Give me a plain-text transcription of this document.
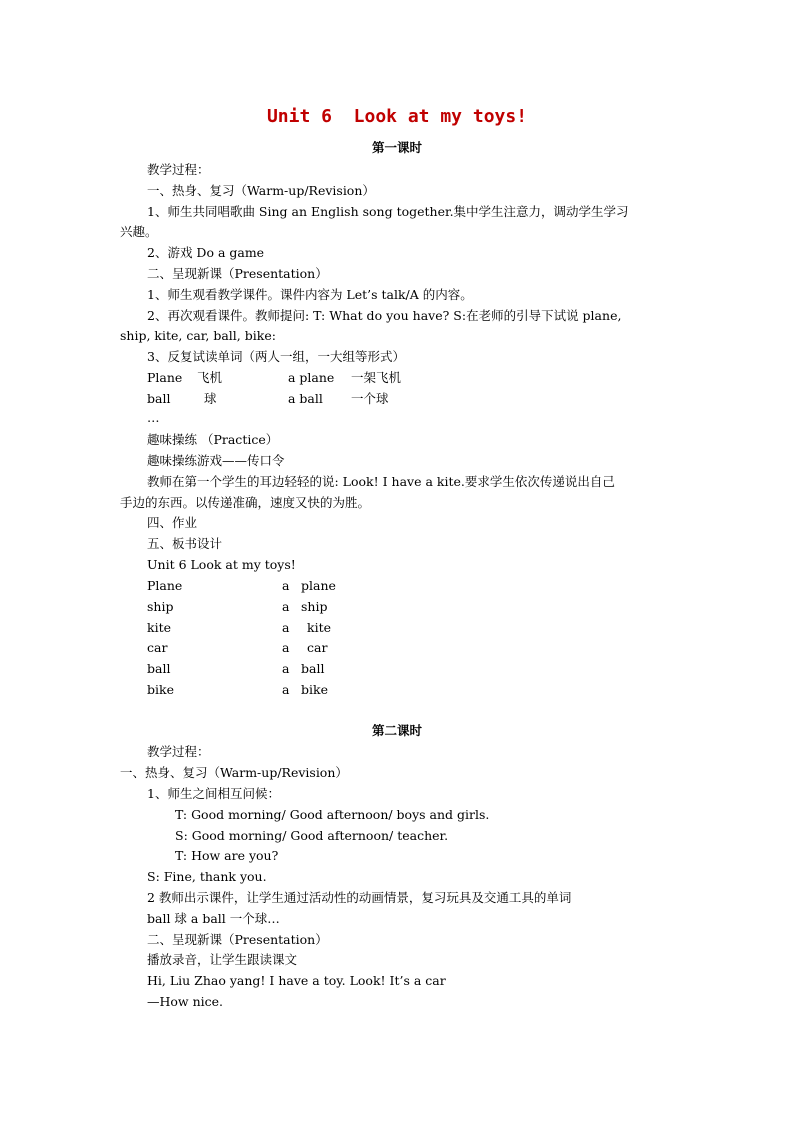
Unit 6  Look at my toys!
第一课时
教学过程：
一、热身、复习（Warm-up/Revision）
1、师生共同唱歌曲 Sing an English song together.集中学生注意力，调动学生学习
兴趣。
2、游戏 Do a game
二、呈现新课（Presentation）
1、师生观看教学课件。课件内容为 Let’s talk/A 的内容。
2、再次观看课件。教师提问: T: What do you have? S:在老师的引导下试说 plane,
ship, kite, car, ball, bike:
3、反复试读单词（两人一组，一大组等形式）
Plane 飞机	a plane 一架飞机
ball	球	a ball 一个球
…
趣味操练 （Practice）
趣味操练游戏——传口令
教师在第一个学生的耳边轻轻的说: Look! I have a kite.要求学生依次传递说出自己
手边的东西。以传递准确，速度又快的为胜。
四、作业
五、板书设计
Unit 6 Look at my toys!
Plane	a plane
ship	a ship
kite	a kite
car	a car
ball	a ball
bike	a bike
第二课时
教学过程：
一、热身、复习（Warm-up/Revision）
1、师生之间相互问候：
T: Good morning/ Good afternoon/ boys and girls.
S: Good morning/ Good afternoon/ teacher.
T: How are you?
S: Fine, thank you.
2 教师出示课件，让学生通过活动性的动画情景，复习玩具及交通工具的单词
ball 球 a ball 一个球…
二、呈现新课（Presentation）
播放录音，让学生跟读课文
Hi, Liu Zhao yang! I have a toy. Look! It’s a car
—How nice.
